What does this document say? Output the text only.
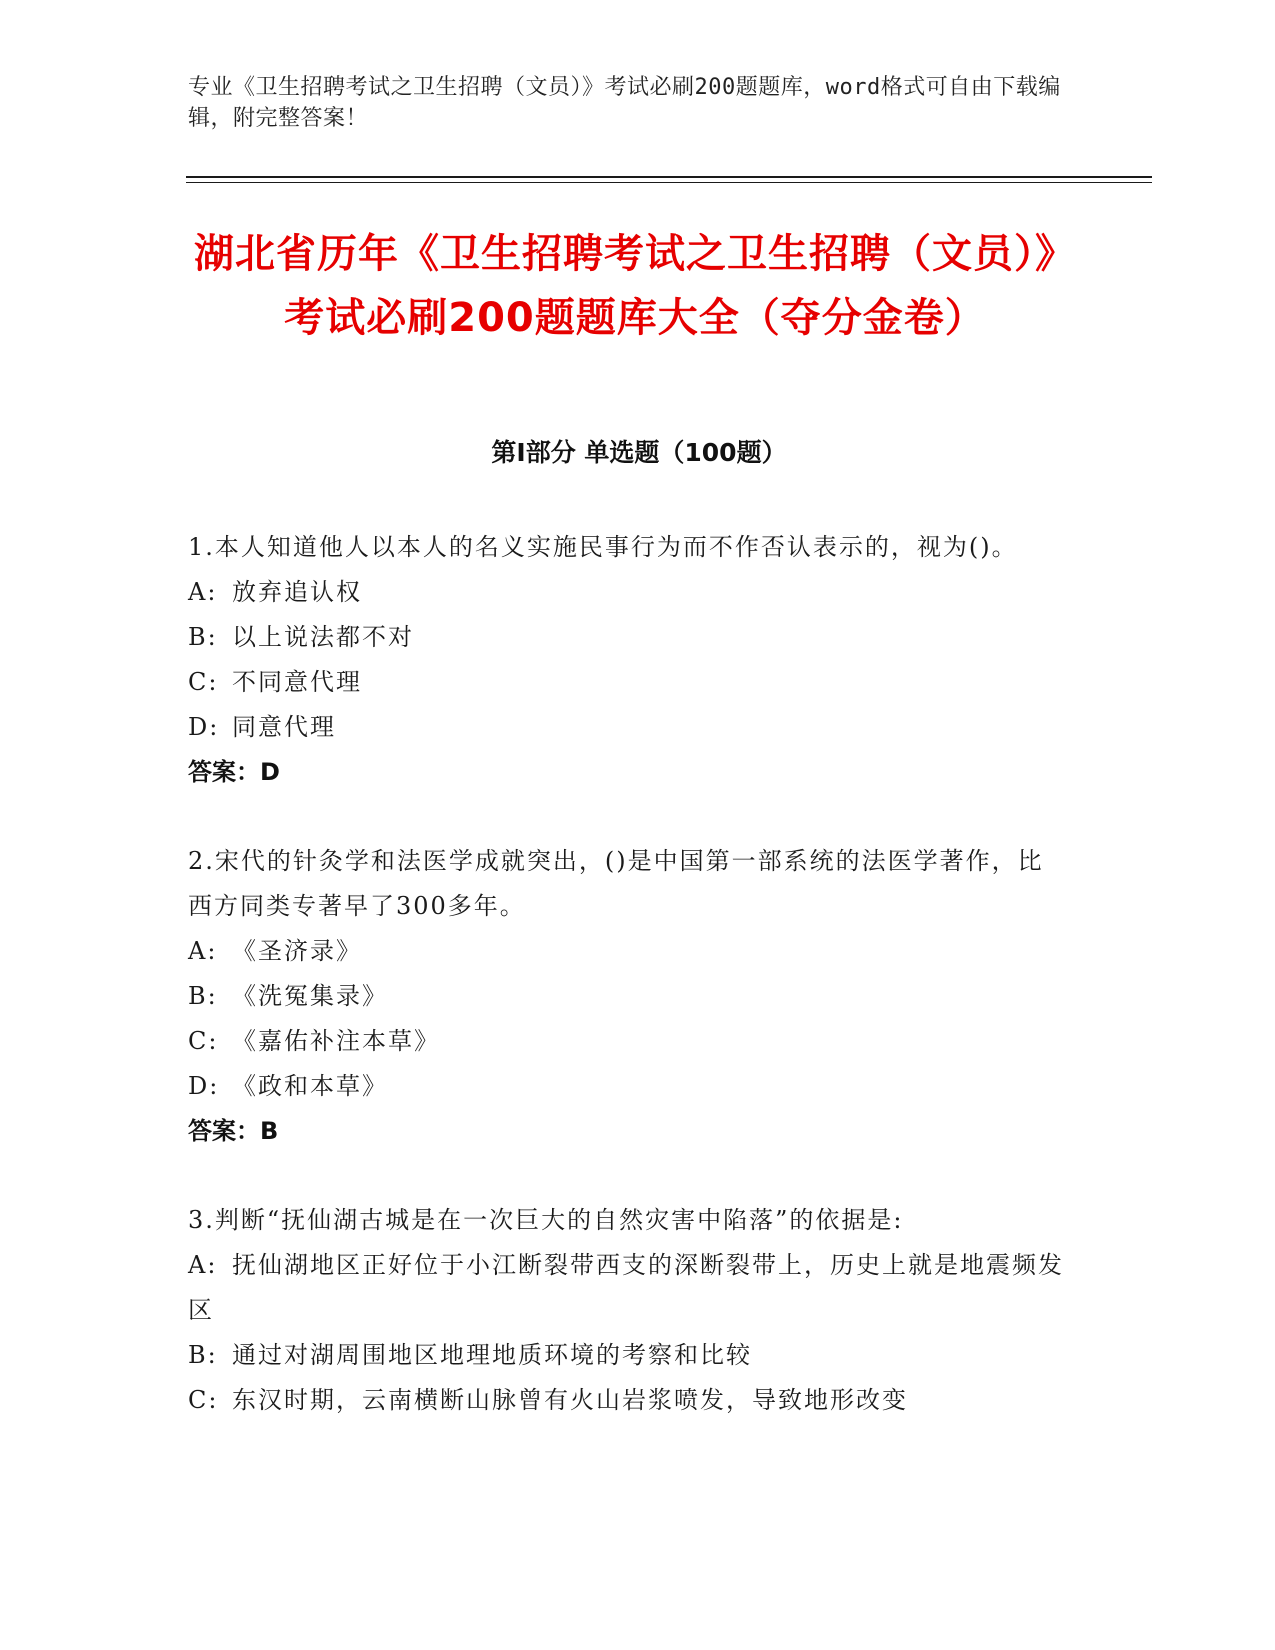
专业《卫生招聘考试之卫生招聘（文员）》考试必刷200题题库，word格式可自由下载编辑，附完整答案！
湖北省历年《卫生招聘考试之卫生招聘（文员）》考试必刷200题题库大全（夺分金卷）
第I部分 单选题（100题）
1.本人知道他人以本人的名义实施民事行为而不作否认表示的，视为()。
A: 放弃追认权
B: 以上说法都不对
C: 不同意代理
D: 同意代理
答案：D
2.宋代的针灸学和法医学成就突出，()是中国第一部系统的法医学著作，比西方同类专著早了300多年。
A: 《圣济录》
B: 《洗冤集录》
C: 《嘉佑补注本草》
D: 《政和本草》
答案：B
3.判断“抚仙湖古城是在一次巨大的自然灾害中陷落”的依据是:
A: 抚仙湖地区正好位于小江断裂带西支的深断裂带上，历史上就是地震频发区
B: 通过对湖周围地区地理地质环境的考察和比较
C: 东汉时期，云南横断山脉曾有火山岩浆喷发，导致地形改变
